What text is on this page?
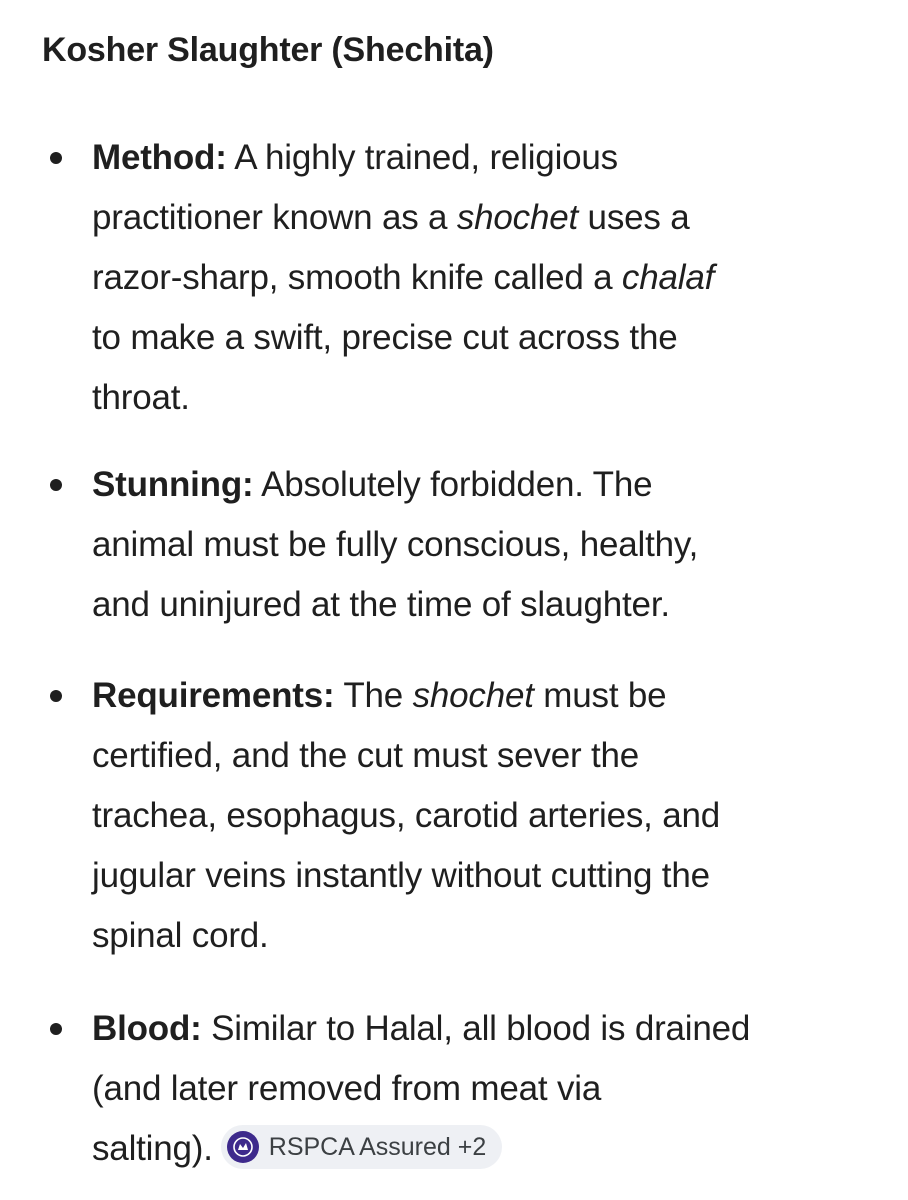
Kosher Slaughter (Shechita)
Method: A highly trained, religious
practitioner known as a shochet uses a
razor-sharp, smooth knife called a chalaf
to make a swift, precise cut across the
throat.
Stunning: Absolutely forbidden. The
animal must be fully conscious, healthy,
and uninjured at the time of slaughter.
Requirements: The shochet must be
certified, and the cut must sever the
trachea, esophagus, carotid arteries, and
jugular veins instantly without cutting the
spinal cord.
Blood: Similar to Halal, all blood is drained
(and later removed from meat via
salting). RSPCA Assured +2
